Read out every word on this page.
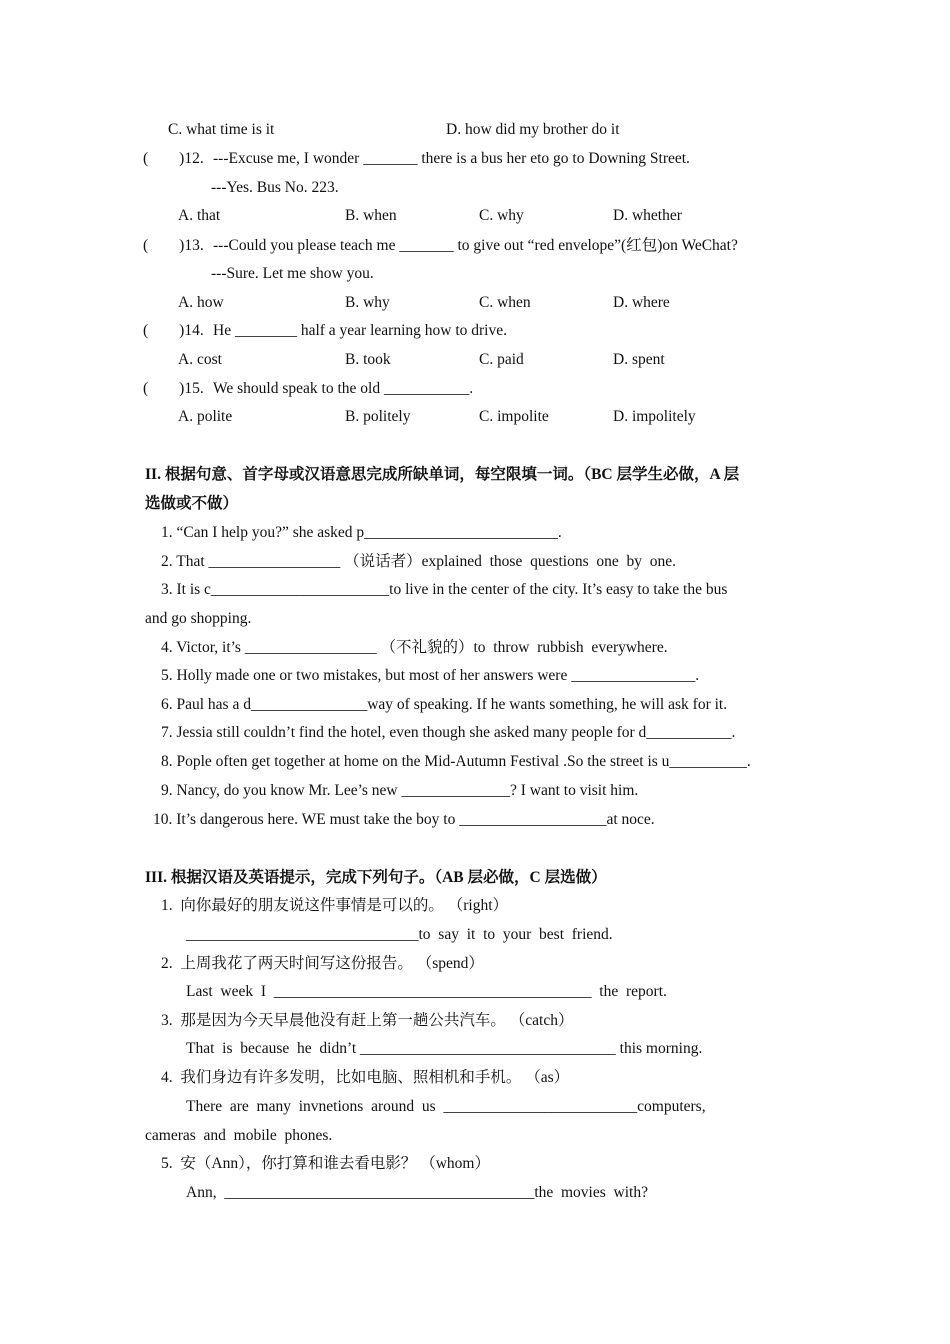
C. what time is it	D. how did my brother do it
(        )12. ---Excuse me, I wonder _______ there is a bus her eto go to Downing Street.
---Yes. Bus No. 223.
A. that	B. when	C. why	D. whether
(        )13. ---Could you please teach me _______ to give out “red envelope”(红包)on WeChat?
---Sure. Let me show you.
A. how	B. why	C. when	D. where
(        )14. He ________ half a year learning how to drive.
A. cost	B. took	C. paid	D. spent
(        )15. We should speak to the old ___________.
A. polite	B. politely	C. impolite	D. impolitely
II. 根据句意、首字母或汉语意思完成所缺单词，每空限填一词。（BC 层学生必做，A 层
选做或不做）
1. “Can I help you?” she asked p_________________________.
2. That _________________ （说话者）explained  those  questions  one  by  one.
3. It is c_______________________to live in the center of the city. It’s easy to take the bus
and go shopping.
4. Victor, it’s _________________ （不礼貌的）to  throw  rubbish  everywhere.
5. Holly made one or two mistakes, but most of her answers were ________________.
6. Paul has a d_______________way of speaking. If he wants something, he will ask for it.
7. Jessia still couldn’t find the hotel, even though she asked many people for d___________.
8. Pople often get together at home on the Mid-Autumn Festival .So the street is u__________.
9. Nancy, do you know Mr. Lee’s new ______________? I want to visit him.
10. It’s dangerous here. WE must take the boy to ___________________at noce.
III. 根据汉语及英语提示，完成下列句子。（AB 层必做，C 层选做）
1.  向你最好的朋友说这件事情是可以的。 （right）
______________________________to  say  it  to  your  best  friend.
2.  上周我花了两天时间写这份报告。 （spend）
Last  week  I  _________________________________________  the  report.
3.  那是因为今天早晨他没有赶上第一趟公共汽车。 （catch）
That  is  because  he  didn’t _________________________________ this morning.
4.  我们身边有许多发明，比如电脑、照相机和手机。 （as）
There  are  many  invnetions  around  us  _________________________computers,
cameras  and  mobile  phones.
5.  安（Ann），你打算和谁去看电影？ （whom）
Ann,  ________________________________________the  movies  with?
